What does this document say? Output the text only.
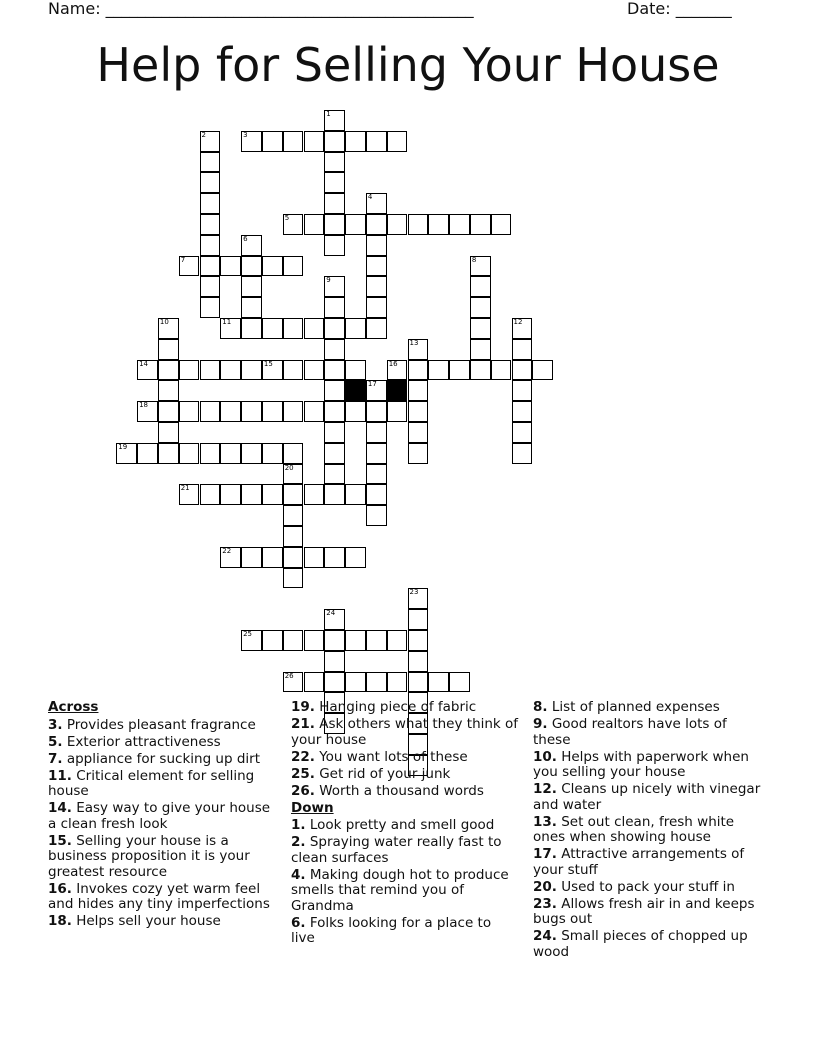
Name: ______________________________________________	Date: _______
Help for Selling Your House
1
2	3
4
5
6
7	8
9
10	11	12
13
14	15	16
17
18
19
20
21
22
23
24
25
26
Across
3. Provides pleasant fragrance
5. Exterior attractiveness
7. appliance for sucking up dirt
11. Critical element for selling house
14. Easy way to give your house a clean fresh look
15. Selling your house is a business proposition it is your greatest resource
16. Invokes cozy yet warm feel and hides any tiny imperfections
18. Helps sell your house
19. Hanging piece of fabric
21. Ask others what they think of your house
22. You want lots of these
25. Get rid of your junk
26. Worth a thousand words
Down
1. Look pretty and smell good
2. Spraying water really fast to clean surfaces
4. Making dough hot to produce smells that remind you of Grandma
6. Folks looking for a place to live
8. List of planned expenses
9. Good realtors have lots of these
10. Helps with paperwork when you selling your house
12. Cleans up nicely with vinegar and water
13. Set out clean, fresh white ones when showing house
17. Attractive arrangements of your stuff
20. Used to pack your stuff in
23. Allows fresh air in and keeps bugs out
24. Small pieces of chopped up wood
